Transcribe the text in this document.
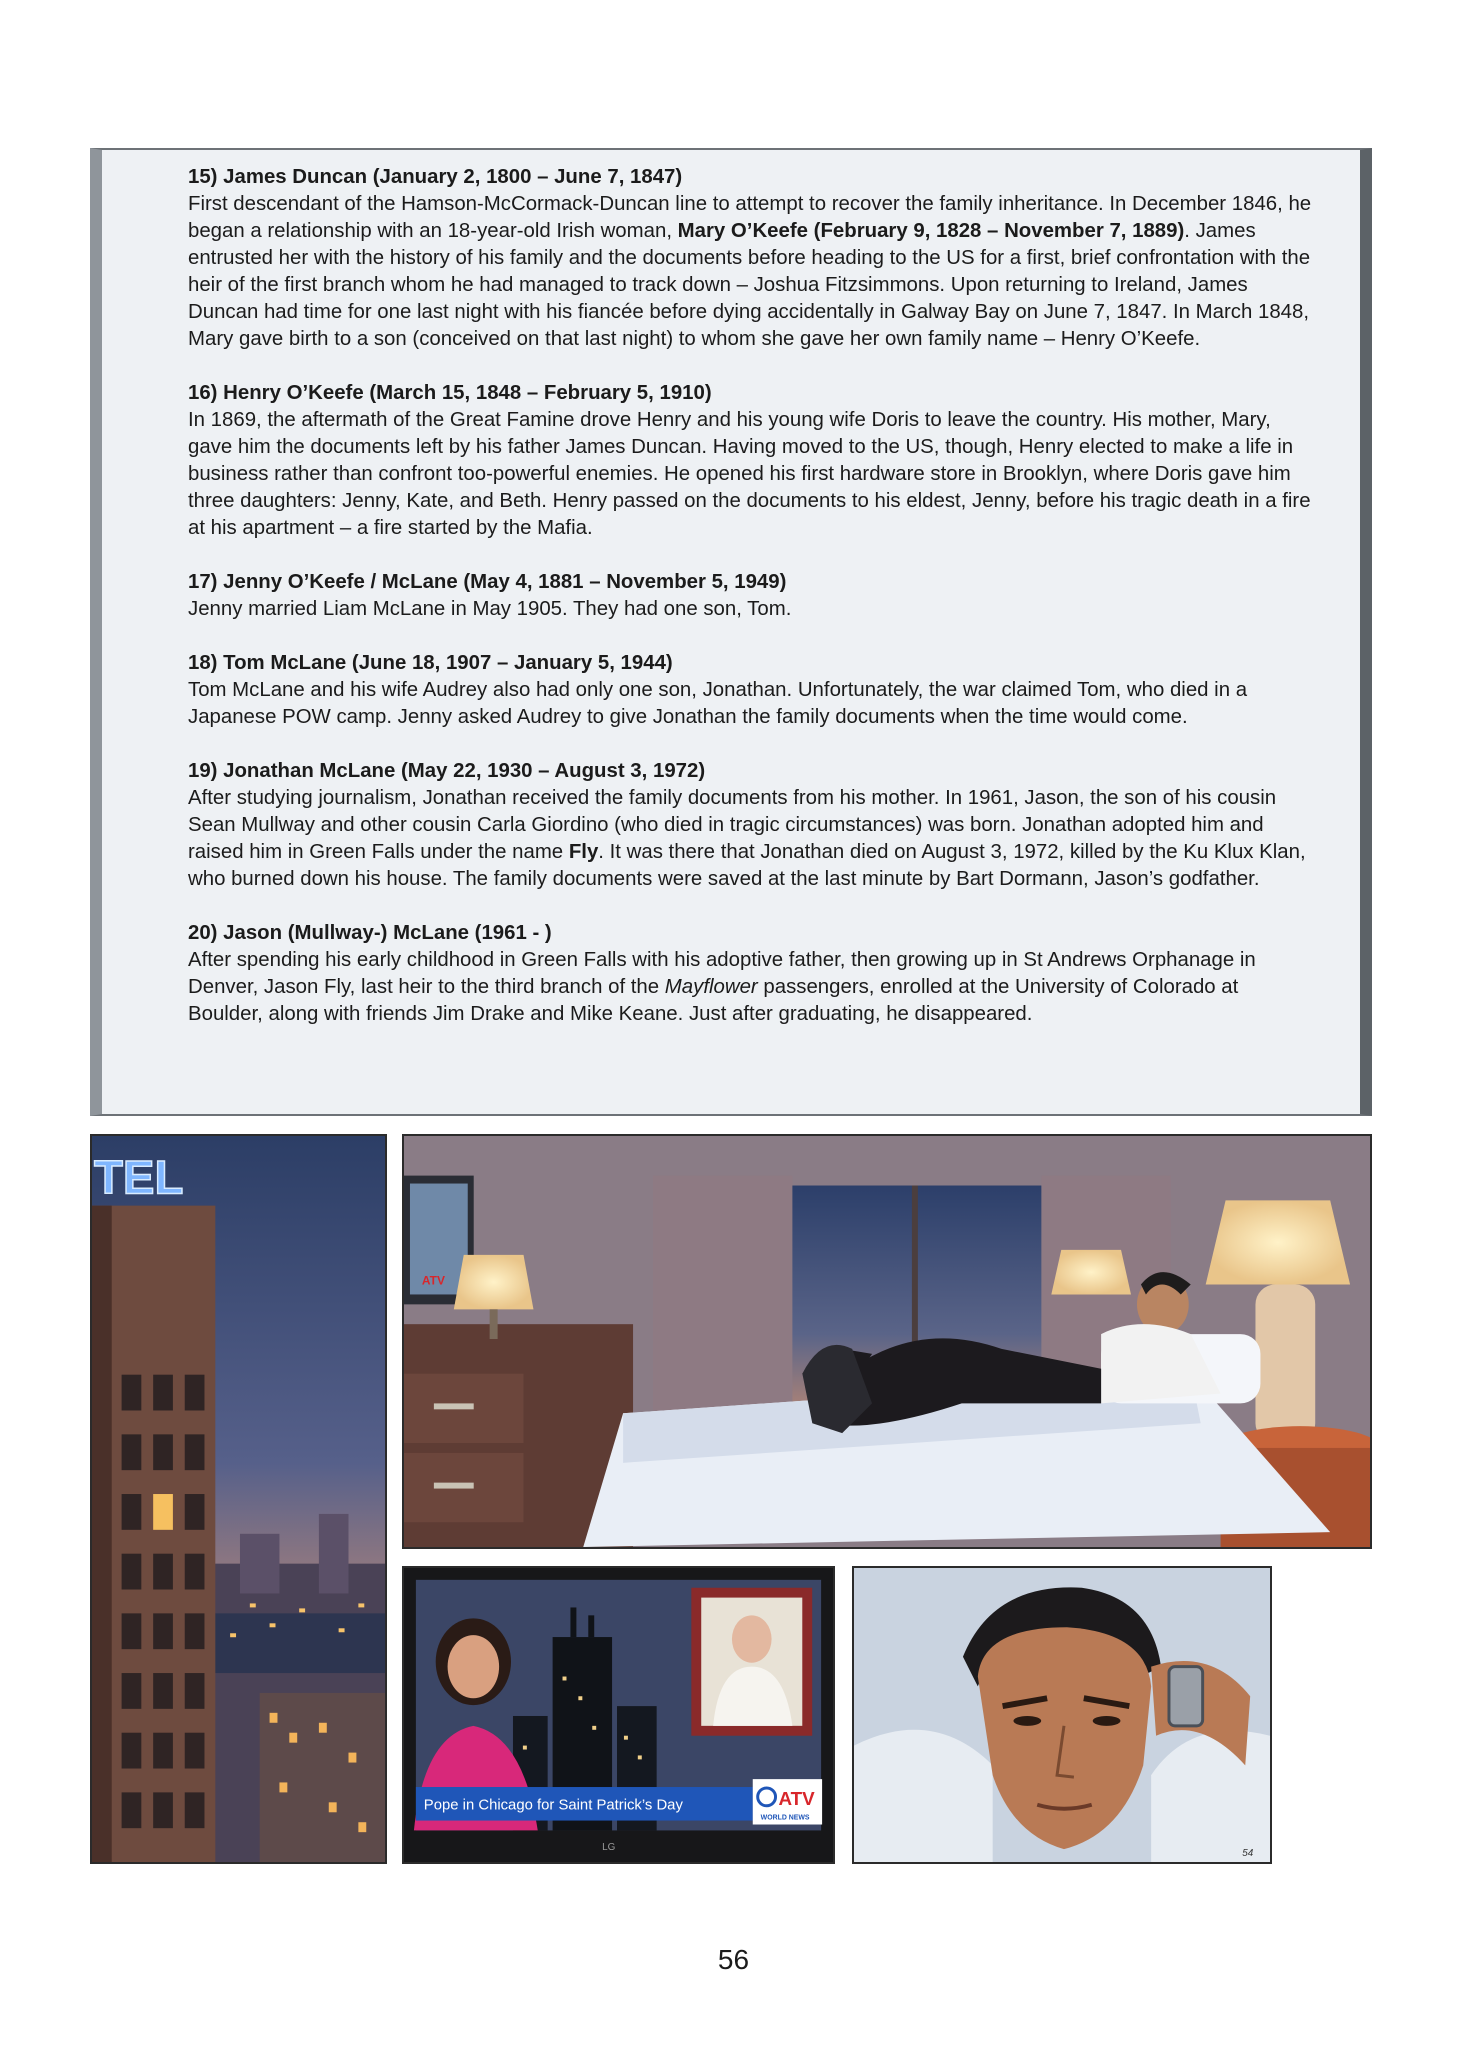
15) James Duncan (January 2, 1800 – June 7, 1847)

First descendant of the Hamson-McCormack-Duncan line to attempt to recover the family inheritance. In December 1846, he began a relationship with an 18-year-old Irish woman, Mary O’Keefe (February 9, 1828 – November 7, 1889). James entrusted her with the history of his family and the documents before heading to the US for a first, brief confrontation with the heir of the first branch whom he had managed to track down – Joshua Fitzsimmons. Upon returning to Ireland, James Duncan had time for one last night with his fiancée before dying accidentally in Galway Bay on June 7, 1847. In March 1848, Mary gave birth to a son (conceived on that last night) to whom she gave her own family name – Henry O’Keefe.

16) Henry O’Keefe (March 15, 1848 – February 5, 1910)

In 1869, the aftermath of the Great Famine drove Henry and his young wife Doris to leave the country. His mother, Mary, gave him the documents left by his father James Duncan. Having moved to the US, though, Henry elected to make a life in business rather than confront too-powerful enemies. He opened his first hardware store in Brooklyn, where Doris gave him three daughters: Jenny, Kate, and Beth. Henry passed on the documents to his eldest, Jenny, before his tragic death in a fire at his apartment – a fire started by the Mafia.

17) Jenny O’Keefe / McLane (May 4, 1881 – November 5, 1949)

Jenny married Liam McLane in May 1905. They had one son, Tom.

18) Tom McLane (June 18, 1907 – January 5, 1944)

Tom McLane and his wife Audrey also had only one son, Jonathan. Unfortunately, the war claimed Tom, who died in a Japanese POW camp. Jenny asked Audrey to give Jonathan the family documents when the time would come.

19) Jonathan McLane (May 22, 1930 – August 3, 1972)

After studying journalism, Jonathan received the family documents from his mother. In 1961, Jason, the son of his cousin Sean Mullway and other cousin Carla Giordino (who died in tragic circumstances) was born. Jonathan adopted him and raised him in Green Falls under the name Fly. It was there that Jonathan died on August 3, 1972, killed by the Ku Klux Klan, who burned down his house. The family documents were saved at the last minute by Bart Dormann, Jason’s godfather.

20) Jason (Mullway-) McLane (1961 - )

After spending his early childhood in Green Falls with his adoptive father, then growing up in St Andrews Orphanage in Denver, Jason Fly, last heir to the third branch of the Mayflower passengers, enrolled at the University of Colorado at Boulder, along with friends Jim Drake and Mike Keane. Just after graduating, he disappeared.

TEL
ATV
Pope in Chicago for Saint Patrick’s Day	ATV
WORLD NEWS
LG
54
56
